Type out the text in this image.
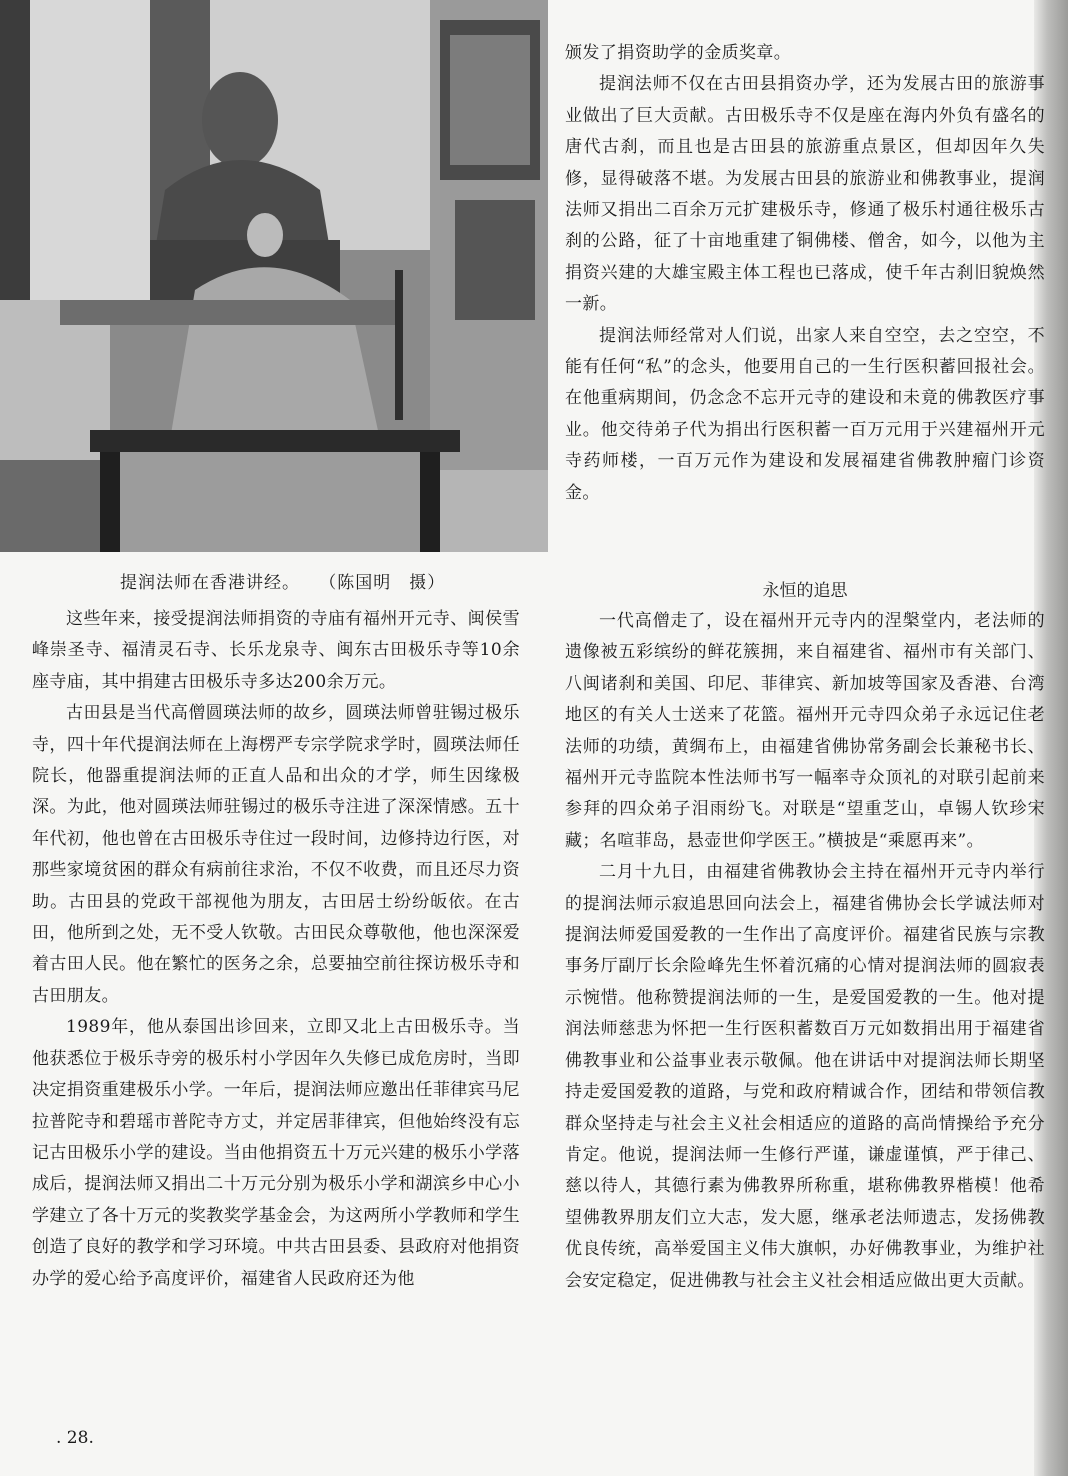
提润法师在香港讲经。   （陈国明　摄）

颁发了捐资助学的金质奖章。

提润法师不仅在古田县捐资办学，还为发展古田的旅游事业做出了巨大贡献。古田极乐寺不仅是座在海内外负有盛名的唐代古刹，而且也是古田县的旅游重点景区，但却因年久失修，显得破落不堪。为发展古田县的旅游业和佛教事业，提润法师又捐出二百余万元扩建极乐寺，修通了极乐村通往极乐古刹的公路，征了十亩地重建了铜佛楼、僧舍，如今，以他为主捐资兴建的大雄宝殿主体工程也已落成，使千年古刹旧貌焕然一新。

提润法师经常对人们说，出家人来自空空，去之空空，不能有任何“私”的念头，他要用自己的一生行医积蓄回报社会。在他重病期间，仍念念不忘开元寺的建设和未竟的佛教医疗事业。他交待弟子代为捐出行医积蓄一百万元用于兴建福州开元寺药师楼，一百万元作为建设和发展福建省佛教肿瘤门诊资金。

永恒的追思

一代高僧走了，设在福州开元寺内的涅槃堂内，老法师的遗像被五彩缤纷的鲜花簇拥，来自福建省、福州市有关部门、八闽诸刹和美国、印尼、菲律宾、新加坡等国家及香港、台湾地区的有关人士送来了花篮。福州开元寺四众弟子永远记住老法师的功绩，黄绸布上，由福建省佛协常务副会长兼秘书长、福州开元寺监院本性法师书写一幅率寺众顶礼的对联引起前来参拜的四众弟子泪雨纷飞。对联是“望重芝山，卓锡人钦珍宋藏；名喧菲岛，悬壶世仰学医王。”横披是“乘愿再来”。

二月十九日，由福建省佛教协会主持在福州开元寺内举行的提润法师示寂追思回向法会上，福建省佛协会长学诚法师对提润法师爱国爱教的一生作出了高度评价。福建省民族与宗教事务厅副厅长余险峰先生怀着沉痛的心情对提润法师的圆寂表示惋惜。他称赞提润法师的一生，是爱国爱教的一生。他对提润法师慈悲为怀把一生行医积蓄数百万元如数捐出用于福建省佛教事业和公益事业表示敬佩。他在讲话中对提润法师长期坚持走爱国爱教的道路，与党和政府精诚合作，团结和带领信教群众坚持走与社会主义社会相适应的道路的高尚情操给予充分肯定。他说，提润法师一生修行严谨，谦虚谨慎，严于律己、慈以待人，其德行素为佛教界所称重，堪称佛教界楷模！他希望佛教界朋友们立大志，发大愿，继承老法师遗志，发扬佛教优良传统，高举爱国主义伟大旗帜，办好佛教事业，为维护社会安定稳定，促进佛教与社会主义社会相适应做出更大贡献。

这些年来，接受提润法师捐资的寺庙有福州开元寺、闽侯雪峰崇圣寺、福清灵石寺、长乐龙泉寺、闽东古田极乐寺等10余座寺庙，其中捐建古田极乐寺多达200余万元。

古田县是当代高僧圆瑛法师的故乡，圆瑛法师曾驻锡过极乐寺，四十年代提润法师在上海楞严专宗学院求学时，圆瑛法师任院长，他器重提润法师的正直人品和出众的才学，师生因缘极深。为此，他对圆瑛法师驻锡过的极乐寺注进了深深情感。五十年代初，他也曾在古田极乐寺住过一段时间，边修持边行医，对那些家境贫困的群众有病前往求治，不仅不收费，而且还尽力资助。古田县的党政干部视他为朋友，古田居士纷纷皈依。在古田，他所到之处，无不受人钦敬。古田民众尊敬他，他也深深爱着古田人民。他在繁忙的医务之余，总要抽空前往探访极乐寺和古田朋友。

1989年，他从泰国出诊回来，立即又北上古田极乐寺。当他获悉位于极乐寺旁的极乐村小学因年久失修已成危房时，当即决定捐资重建极乐小学。一年后，提润法师应邀出任菲律宾马尼拉普陀寺和碧瑶市普陀寺方丈，并定居菲律宾，但他始终没有忘记古田极乐小学的建设。当由他捐资五十万元兴建的极乐小学落成后，提润法师又捐出二十万元分别为极乐小学和湖滨乡中心小学建立了各十万元的奖教奖学基金会，为这两所小学教师和学生创造了良好的教学和学习环境。中共古田县委、县政府对他捐资办学的爱心给予高度评价，福建省人民政府还为他

. 28.
